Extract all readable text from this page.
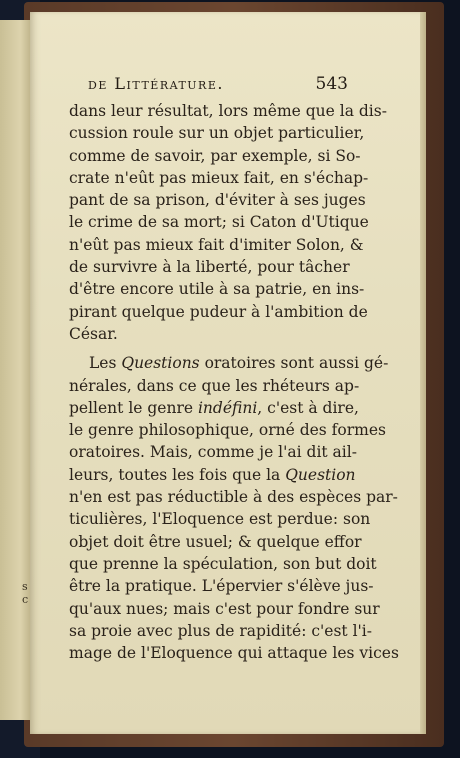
s
c
de Littérature.	543
dans leur résultat, lors même que la dis-
cussion roule sur un objet particulier,
comme de savoir, par exemple, si So-
crate n'eût pas mieux fait, en s'échap-
pant de sa prison, d'éviter à ses juges
le crime de sa mort; si Caton d'Utique
n'eût pas mieux fait d'imiter Solon, &
de survivre à la liberté, pour tâcher
d'être encore utile à sa patrie, en ins-
pirant quelque pudeur à l'ambition de
César.
Les Questions oratoires sont aussi gé-
nérales, dans ce que les rhéteurs ap-
pellent le genre indéfini, c'est à dire,
le genre philosophique, orné des formes
oratoires. Mais, comme je l'ai dit ail-
leurs, toutes les fois que la Question
n'en est pas réductible à des espèces par-
ticulières, l'Eloquence est perdue: son
objet doit être usuel; & quelque effor
que prenne la spéculation, son but doit
être la pratique. L'épervier s'élève jus-
qu'aux nues; mais c'est pour fondre sur
sa proie avec plus de rapidité: c'est l'i-
mage de l'Eloquence qui attaque les vices
